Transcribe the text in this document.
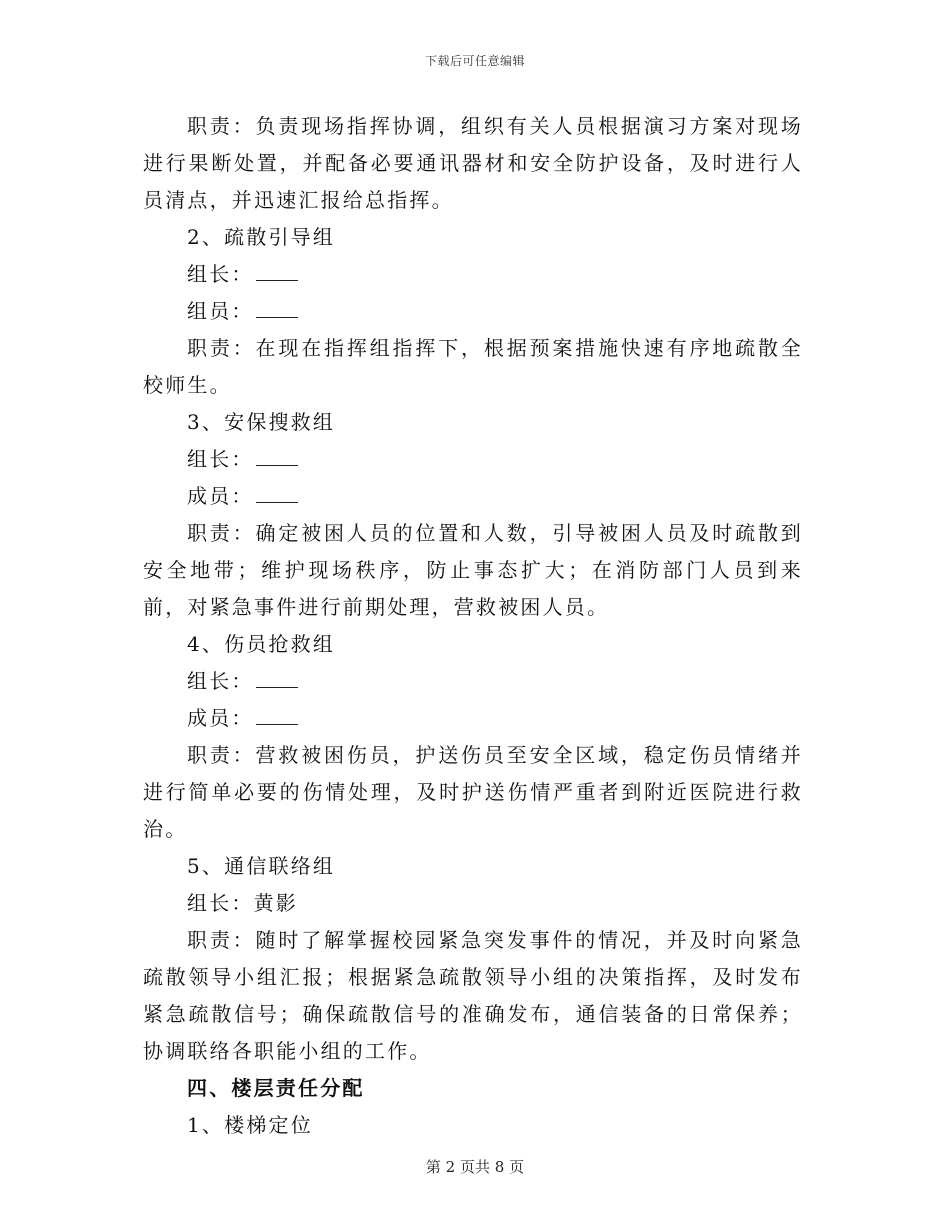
下载后可任意编辑

职责：负责现场指挥协调，组织有关人员根据演习方案对现场进行果断处置，并配备必要通讯器材和安全防护设备，及时进行人员清点，并迅速汇报给总指挥。

2、疏散引导组

组长：

组员：

职责：在现在指挥组指挥下，根据预案措施快速有序地疏散全校师生。

3、安保搜救组

组长：

成员：

职责：确定被困人员的位置和人数，引导被困人员及时疏散到安全地带；维护现场秩序，防止事态扩大；在消防部门人员到来前，对紧急事件进行前期处理，营救被困人员。

4、伤员抢救组

组长：

成员：

职责：营救被困伤员，护送伤员至安全区域，稳定伤员情绪并进行简单必要的伤情处理，及时护送伤情严重者到附近医院进行救治。

5、通信联络组

组长：黄影

职责：随时了解掌握校园紧急突发事件的情况，并及时向紧急疏散领导小组汇报；根据紧急疏散领导小组的决策指挥，及时发布紧急疏散信号；确保疏散信号的准确发布，通信装备的日常保养；协调联络各职能小组的工作。

四、楼层责任分配

1、楼梯定位

第 2 页共 8 页
